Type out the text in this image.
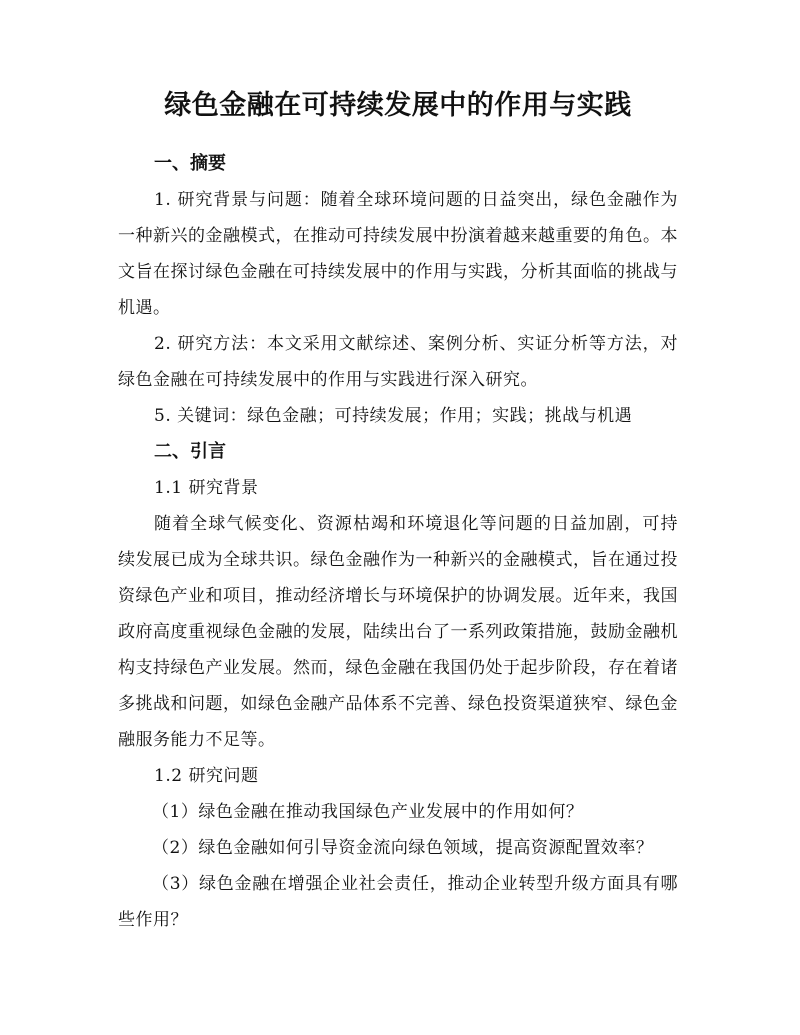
绿色金融在可持续发展中的作用与实践
一、摘要

1. 研究背景与问题：随着全球环境问题的日益突出，绿色金融作为一种新兴的金融模式，在推动可持续发展中扮演着越来越重要的角色。本文旨在探讨绿色金融在可持续发展中的作用与实践，分析其面临的挑战与机遇。

2. 研究方法：本文采用文献综述、案例分析、实证分析等方法，对绿色金融在可持续发展中的作用与实践进行深入研究。

5. 关键词：绿色金融；可持续发展；作用；实践；挑战与机遇

二、引言

1.1 研究背景

随着全球气候变化、资源枯竭和环境退化等问题的日益加剧，可持续发展已成为全球共识。绿色金融作为一种新兴的金融模式，旨在通过投资绿色产业和项目，推动经济增长与环境保护的协调发展。近年来，我国政府高度重视绿色金融的发展，陆续出台了一系列政策措施，鼓励金融机构支持绿色产业发展。然而，绿色金融在我国仍处于起步阶段，存在着诸多挑战和问题，如绿色金融产品体系不完善、绿色投资渠道狭窄、绿色金融服务能力不足等。

1.2 研究问题

（1）绿色金融在推动我国绿色产业发展中的作用如何？

（2）绿色金融如何引导资金流向绿色领域，提高资源配置效率？

（3）绿色金融在增强企业社会责任，推动企业转型升级方面具有哪些作用？
